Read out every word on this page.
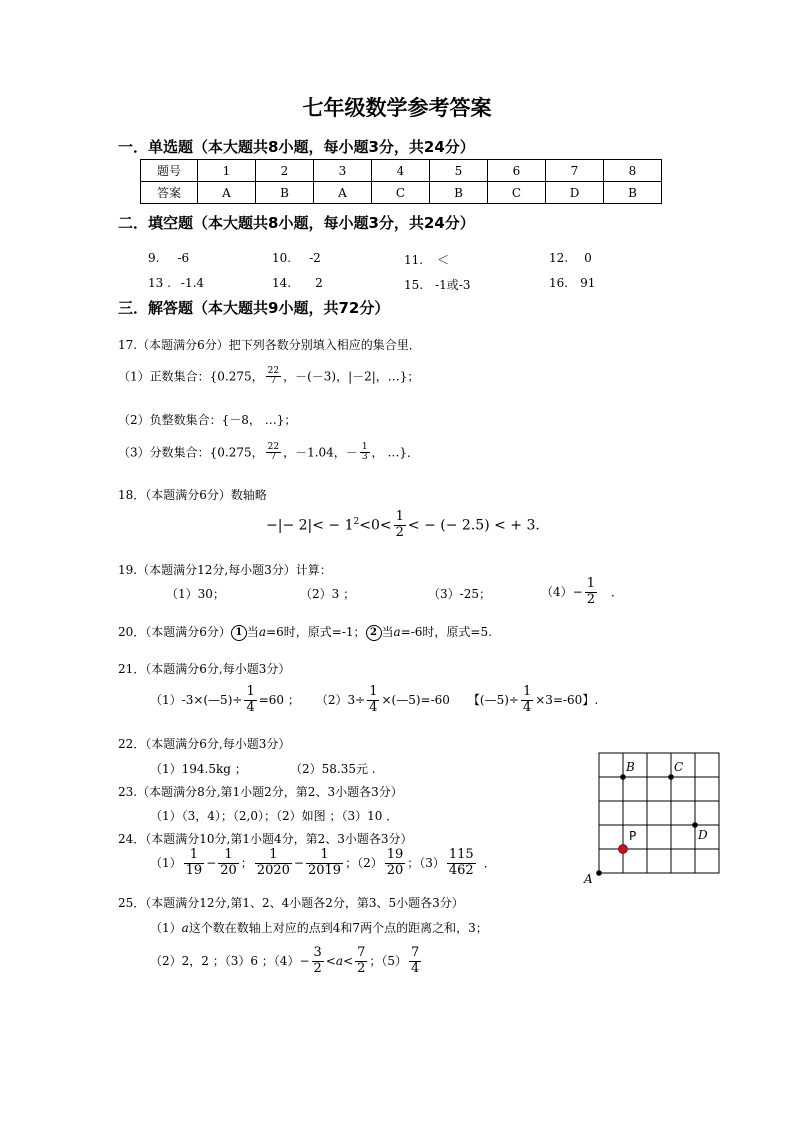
七年级数学参考答案
一．单选题（本大题共8小题，每小题3分，共24分）
题号	1	2	3	4	5	6	7	8
答案	A	B	A	C	B	C	D	B
二．填空题（本大题共8小题，每小题3分，共24分）
9. -6	10. -2	11. ＜	12. 0
13 . -1.4	14. 2	15. -1或-3	16. 91
三．解答题（本大题共9小题，共72分）
17.（本题满分6分）把下列各数分别填入相应的集合里．
（1）正数集合：{0.275， $\frac{22}{7}$ ，－(－3)，|－2|，…}；
（2）负整数集合：{－8， …}；
（3）分数集合：{0.275， $\frac{22}{7}$ ，－1.04，－ $\frac{1}{3}$ ， …}．
18．（本题满分6分）数轴略
−|− $2|< - 1^2<0< \frac{1}{2}$ < − (− 2.5) < + 3.
19.（本题满分12分,每小题3分）计算：
（1）30；	（2）3 ；	（3）-25；	$(4)- \frac{1}{2}$ ．
20．（本题满分6分） 1 当a=6时，原式=-1； 2 当a=-6时，原式=5.
21．（本题满分6分,每小题3分）
（1）-3×(—5)÷ $\frac{1}{4} =60$ ； $(2)3\div \frac{1}{4}$ ×(—5)=-60 【(—5)÷ $\frac{1}{4} \times 3=-60$】.
22．（本题满分6分,每小题3分）
（1）194.5kg ；	（2）58.35元 .
23.（本题满分8分,第1小题2分，第2、3小题各3分）
（1）（3，4）；（2,0）；（2）如图 ；（3）10 ．
24．（本题满分10分,第1小题4分，第2、3小题各3分）
$(1) \frac{1}{19} - \frac{1}{20}$ ； $\frac{1}{2020} - \frac{1}{2019}$ ；$(2) \frac{19}{20}$ ；$(3) \frac{115}{462}$ ．
25．（本题满分12分,第1、2、4小题各2分，第3、5小题各3分）
（1）a这个数在数轴上对应的点到4和7两个点的距离之和，3；
（2）2，2 ；（3）6 ；$(4)- \frac{3}{2} <a< \frac{7}{2}$ ；$(5) \frac{7}{4}$
A
B	C
D
P
